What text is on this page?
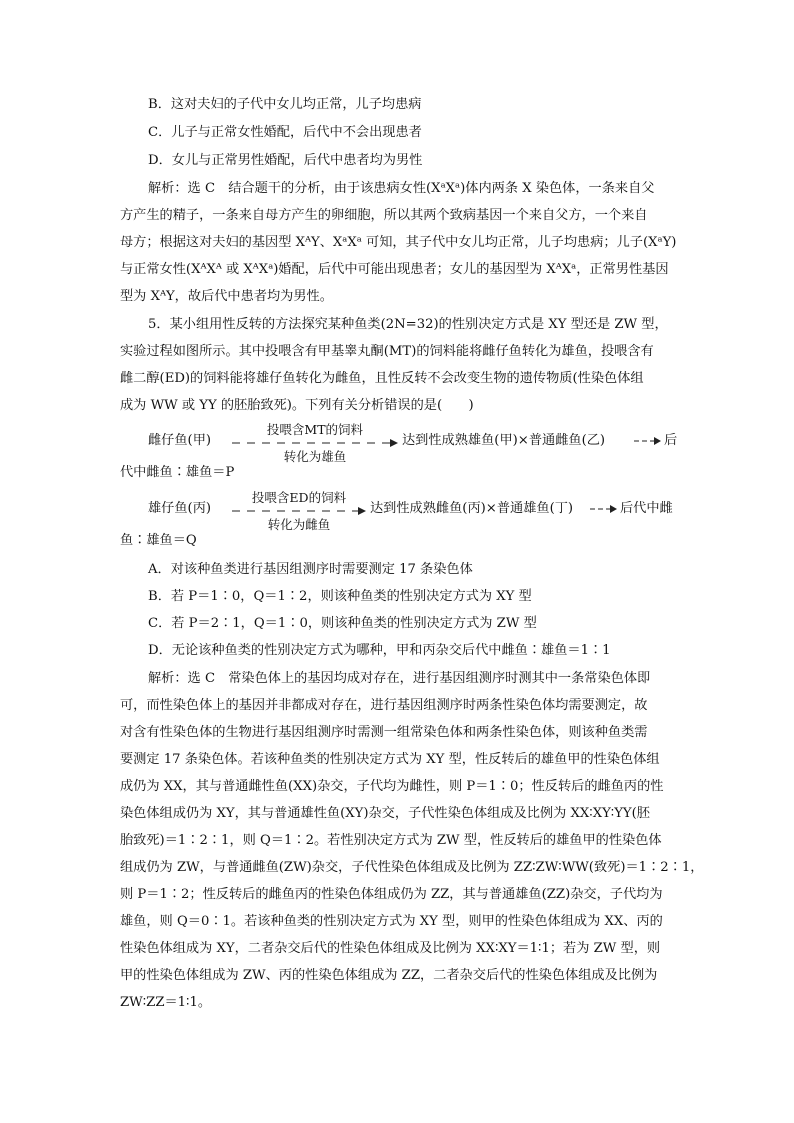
B．这对夫妇的子代中女儿均正常，儿子均患病
C．儿子与正常女性婚配，后代中不会出现患者
D．女儿与正常男性婚配，后代中患者均为男性
解析：选 C　结合题干的分析，由于该患病女性(XᵃXᵃ)体内两条 X 染色体，一条来自父
方产生的精子，一条来自母方产生的卵细胞，所以其两个致病基因一个来自父方，一个来自
母方；根据这对夫妇的基因型 XᴬY、XᵃXᵃ 可知，其子代中女儿均正常，儿子均患病；儿子(XᵃY)
与正常女性(XᴬXᴬ 或 XᴬXᵃ)婚配，后代中可能出现患者；女儿的基因型为 XᴬXᵃ，正常男性基因
型为 XᴬY，故后代中患者均为男性。
5．某小组用性反转的方法探究某种鱼类(2N=32)的性别决定方式是 XY 型还是 ZW 型，
实验过程如图所示。其中投喂含有甲基睾丸酮(MT)的饲料能将雌仔鱼转化为雄鱼，投喂含有
雌二醇(ED)的饲料能将雄仔鱼转化为雌鱼，且性反转不会改变生物的遗传物质(性染色体组
成为 WW 或 YY 的胚胎致死)。下列有关分析错误的是(　　)
雌仔鱼(甲)
投喂含MT的饲料
转化为雄鱼
达到性成熟雄鱼(甲)×普通雌鱼(乙)	后
代中雌鱼∶雄鱼＝P
雄仔鱼(丙)
投喂含ED的饲料
转化为雌鱼
达到性成熟雌鱼(丙)×普通雄鱼(丁)	后代中雌
鱼∶雄鱼＝Q
A．对该种鱼类进行基因组测序时需要测定 17 条染色体
B．若 P＝1∶0，Q＝1∶2，则该种鱼类的性别决定方式为 XY 型
C．若 P＝2∶1，Q＝1∶0，则该种鱼类的性别决定方式为 ZW 型
D．无论该种鱼类的性别决定方式为哪种，甲和丙杂交后代中雌鱼∶雄鱼＝1∶1
解析：选 C　常染色体上的基因均成对存在，进行基因组测序时测其中一条常染色体即
可，而性染色体上的基因并非都成对存在，进行基因组测序时两条性染色体均需要测定，故
对含有性染色体的生物进行基因组测序时需测一组常染色体和两条性染色体，则该种鱼类需
要测定 17 条染色体。若该种鱼类的性别决定方式为 XY 型，性反转后的雄鱼甲的性染色体组
成仍为 XX，其与普通雌性鱼(XX)杂交，子代均为雌性，则 P＝1∶0；性反转后的雌鱼丙的性
染色体组成仍为 XY，其与普通雄性鱼(XY)杂交，子代性染色体组成及比例为 XX∶XY∶YY(胚
胎致死)＝1∶2∶1，则 Q＝1∶2。若性别决定方式为 ZW 型，性反转后的雄鱼甲的性染色体
组成仍为 ZW，与普通雌鱼(ZW)杂交，子代性染色体组成及比例为 ZZ∶ZW∶WW(致死)＝1∶2∶1，
则 P＝1∶2；性反转后的雌鱼丙的性染色体组成仍为 ZZ，其与普通雄鱼(ZZ)杂交，子代均为
雄鱼，则 Q＝0∶1。若该种鱼类的性别决定方式为 XY 型，则甲的性染色体组成为 XX、丙的
性染色体组成为 XY，二者杂交后代的性染色体组成及比例为 XX∶XY＝1∶1；若为 ZW 型，则
甲的性染色体组成为 ZW、丙的性染色体组成为 ZZ，二者杂交后代的性染色体组成及比例为
ZW∶ZZ＝1∶1。
